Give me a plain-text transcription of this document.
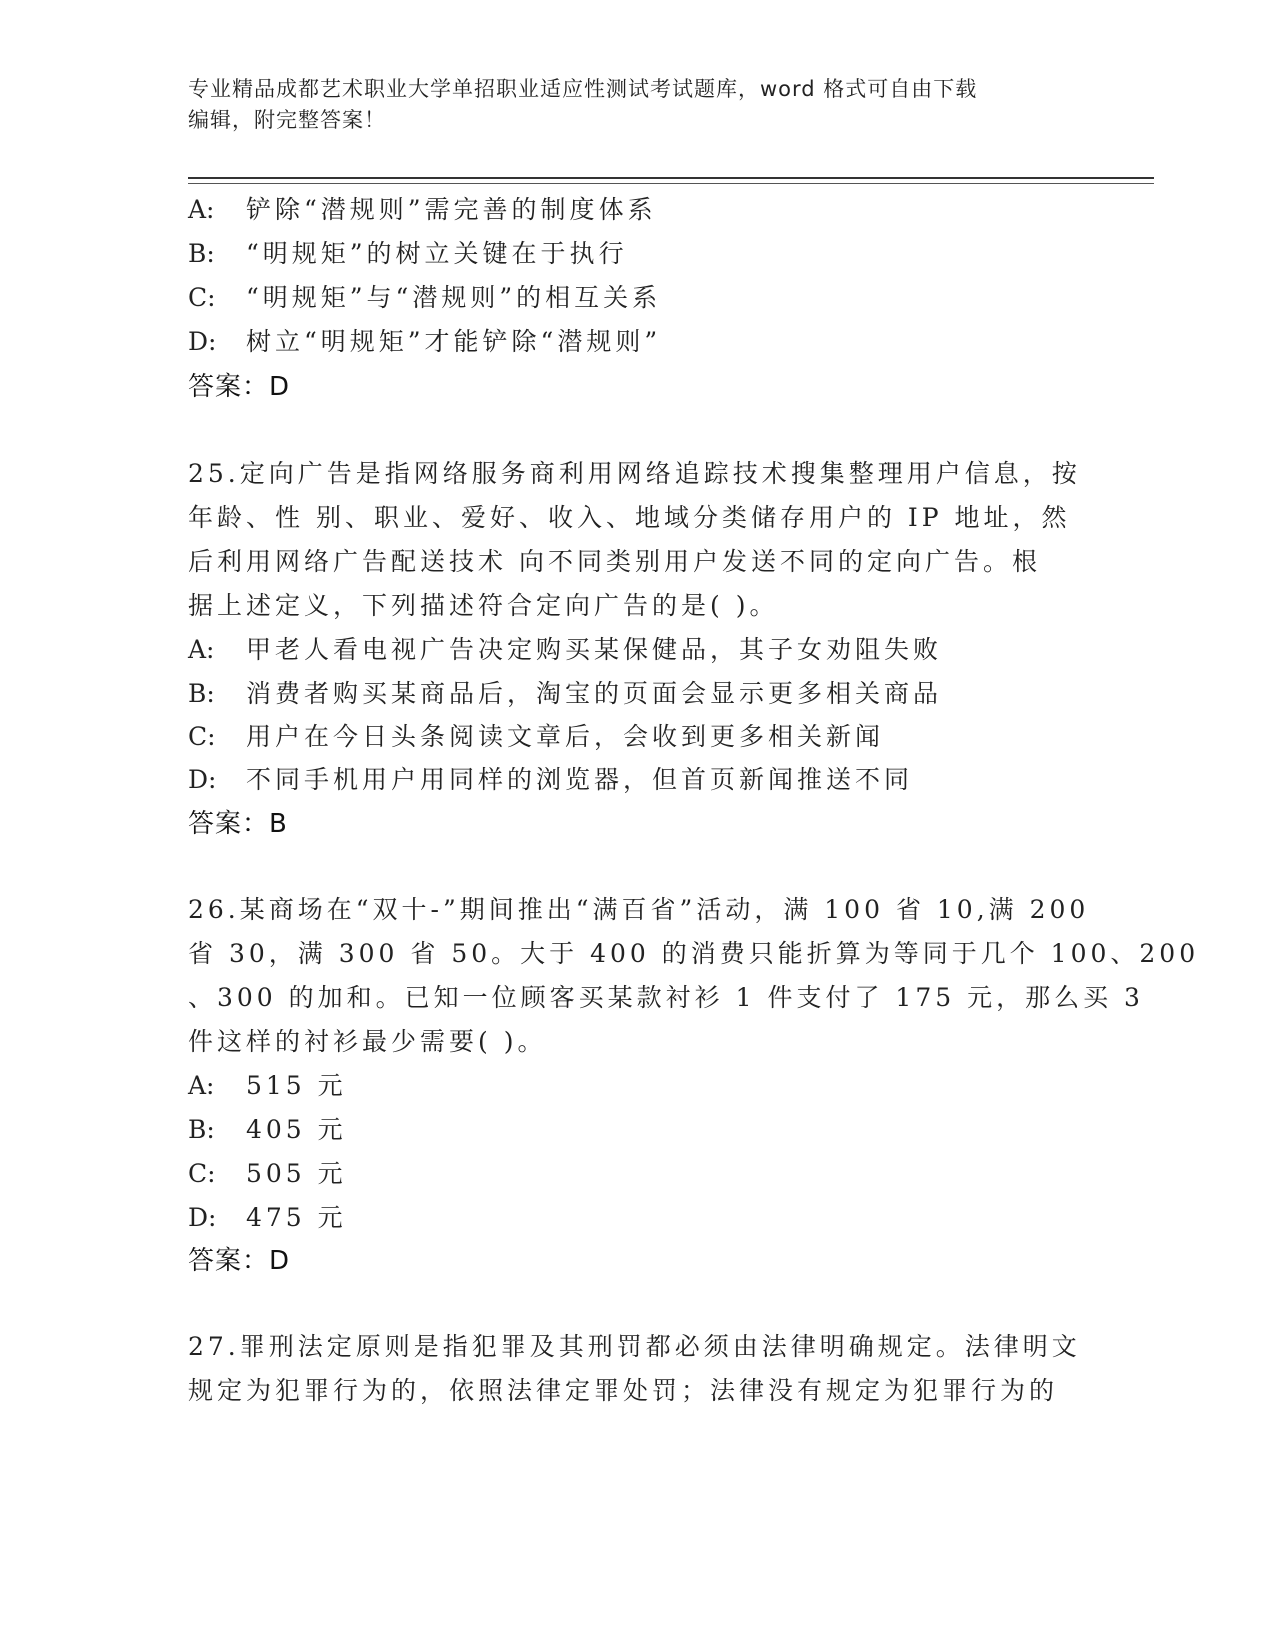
专业精品成都艺术职业大学单招职业适应性测试考试题库，word 格式可自由下载
编辑，附完整答案！
A: 铲除“潜规则”需完善的制度体系
B: “明规矩”的树立关键在于执行
C: “明规矩”与“潜规则”的相互关系
D: 树立“明规矩”才能铲除“潜规则”
答案：D
25.定向广告是指网络服务商利用网络追踪技术搜集整理用户信息，按
年龄、性 别、职业、爱好、收入、地域分类储存用户的 IP 地址，然
后利用网络广告配送技术 向不同类别用户发送不同的定向广告。根
据上述定义，下列描述符合定向广告的是( )。
A: 甲老人看电视广告决定购买某保健品，其子女劝阻失败
B: 消费者购买某商品后，淘宝的页面会显示更多相关商品
C: 用户在今日头条阅读文章后，会收到更多相关新闻
D: 不同手机用户用同样的浏览器，但首页新闻推送不同
答案：B
26.某商场在“双十-”期间推出“满百省”活动，满 100 省 10,满 200
省 30，满 300 省 50。大于 400 的消费只能折算为等同于几个 100、200
、300 的加和。已知一位顾客买某款衬衫 1 件支付了 175 元，那么买 3
件这样的衬衫最少需要( )。
A: 515 元
B: 405 元
C: 505 元
D: 475 元
答案：D
27.罪刑法定原则是指犯罪及其刑罚都必须由法律明确规定。法律明文
规定为犯罪行为的，依照法律定罪处罚；法律没有规定为犯罪行为的
